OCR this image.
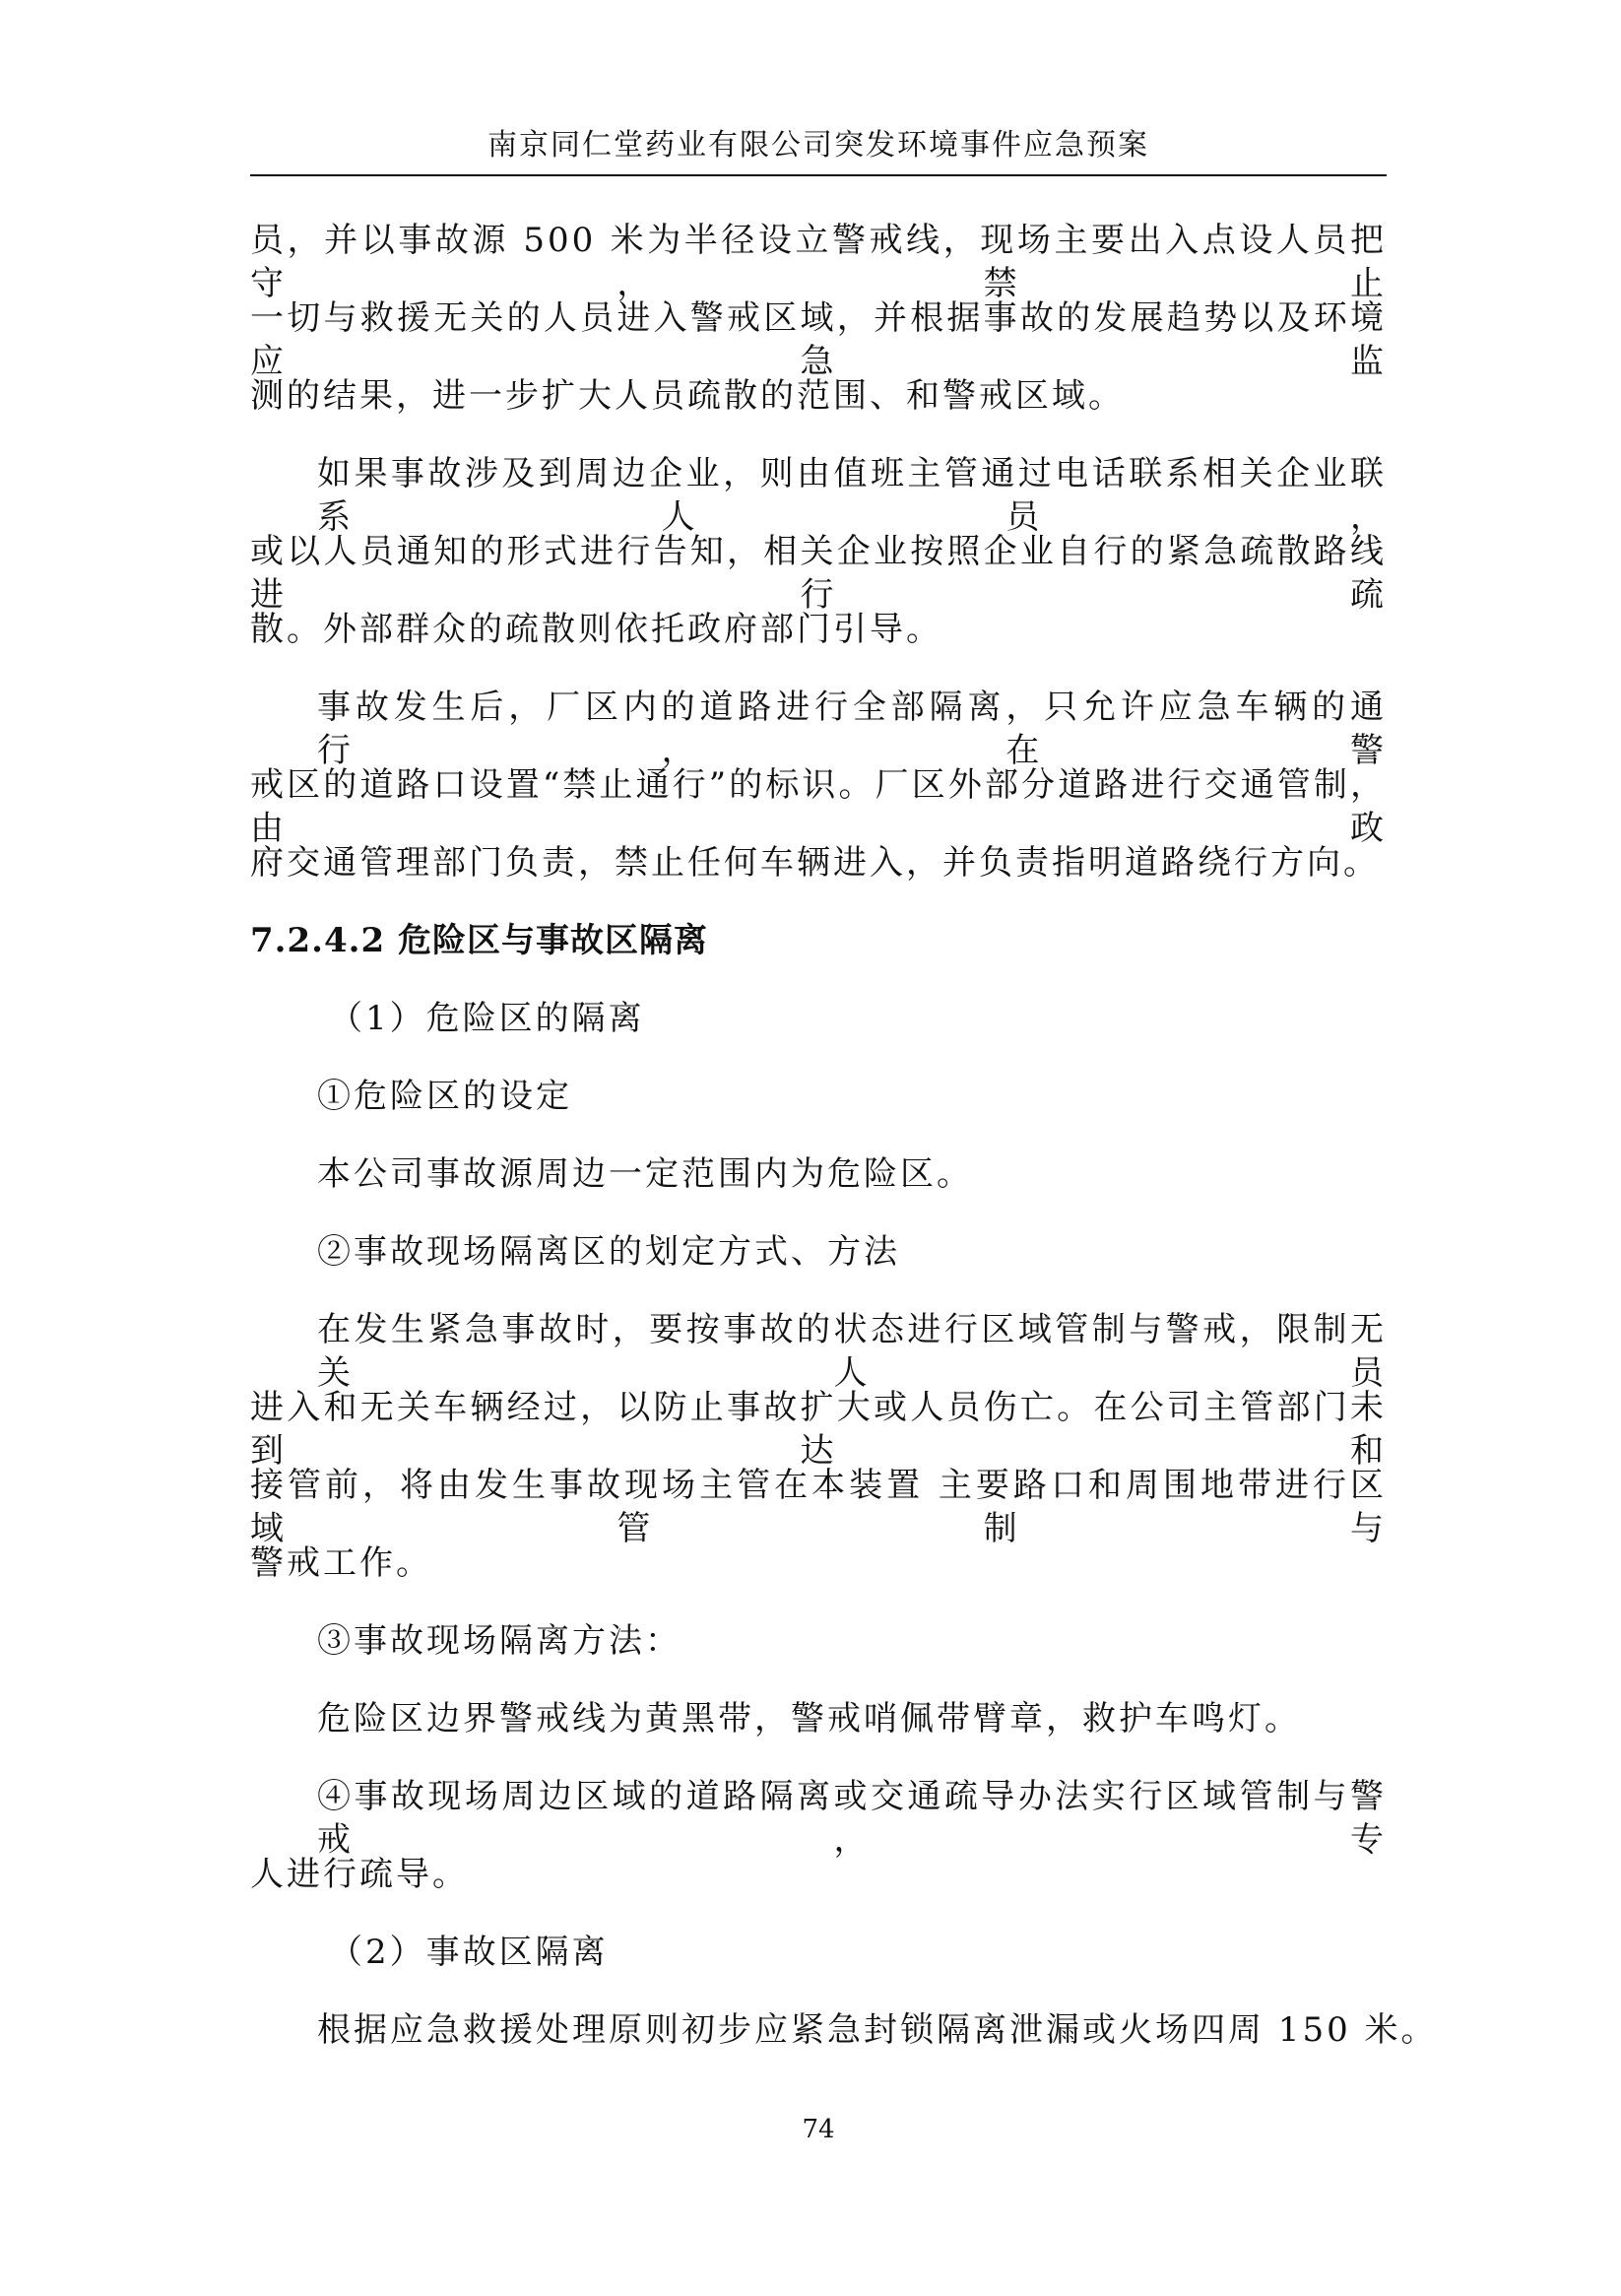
南京同仁堂药业有限公司突发环境事件应急预案
员，并以事故源 500 米为半径设立警戒线，现场主要出入点设人员把守，禁止
一切与救援无关的人员进入警戒区域，并根据事故的发展趋势以及环境应急监
测的结果，进一步扩大人员疏散的范围、和警戒区域。
如果事故涉及到周边企业，则由值班主管通过电话联系相关企业联系人员，
或以人员通知的形式进行告知，相关企业按照企业自行的紧急疏散路线进行疏
散。外部群众的疏散则依托政府部门引导。
事故发生后，厂区内的道路进行全部隔离，只允许应急车辆的通行，在警
戒区的道路口设置“禁止通行”的标识。厂区外部分道路进行交通管制，由政
府交通管理部门负责，禁止任何车辆进入，并负责指明道路绕行方向。
7.2.4.2 危险区与事故区隔离
（1）危险区的隔离
①危险区的设定
本公司事故源周边一定范围内为危险区。
②事故现场隔离区的划定方式、方法
在发生紧急事故时，要按事故的状态进行区域管制与警戒，限制无关人员
进入和无关车辆经过，以防止事故扩大或人员伤亡。在公司主管部门未到达和
接管前，将由发生事故现场主管在本装置 主要路口和周围地带进行区域管制与
警戒工作。
③事故现场隔离方法：
危险区边界警戒线为黄黑带，警戒哨佩带臂章，救护车鸣灯。
④事故现场周边区域的道路隔离或交通疏导办法实行区域管制与警戒，专
人进行疏导。
（2）事故区隔离
根据应急救援处理原则初步应紧急封锁隔离泄漏或火场四周 150 米。
74
